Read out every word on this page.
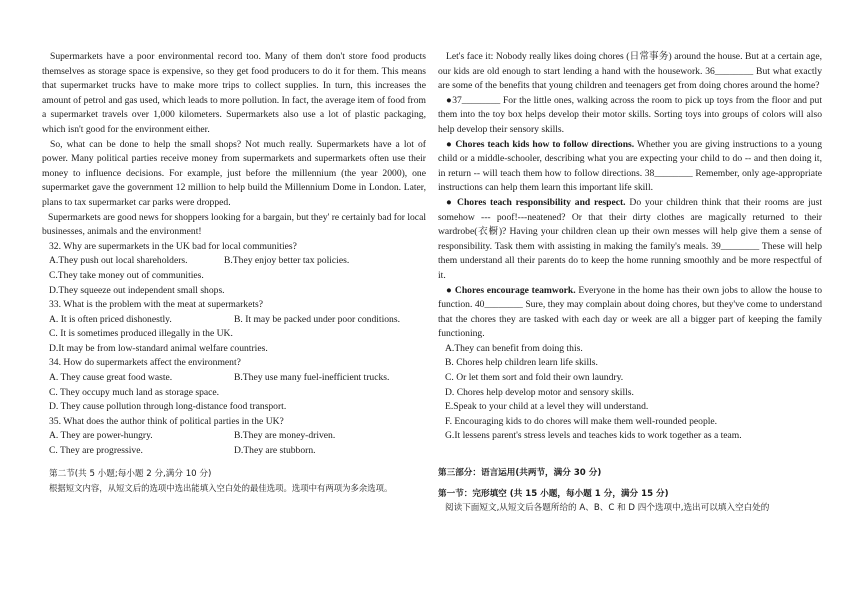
Supermarkets have a poor environmental record too. Many of them don't store food products themselves as storage space is expensive, so they get food producers to do it for them. This means that supermarket trucks have to make more trips to collect supplies. In turn, this increases the amount of petrol and gas used, which leads to more pollution. In fact, the average item of food from a supermarket travels over 1,000 kilometers. Supermarkets also use a lot of plastic packaging, which isn't good for the environment either.

So, what can be done to help the small shops? Not much really. Supermarkets have a lot of power. Many political parties receive money from supermarkets and supermarkets often use their money to influence decisions. For example, just before the millennium (the year 2000), one supermarket gave the government 12 million to help build the Millennium Dome in London. Later, plans to tax supermarket car parks were dropped.

Supermarkets are good news for shoppers looking for a bargain, but they' re certainly bad for local businesses, animals and the environment!

32. Why are supermarkets in the UK bad for local communities?

A.They push out local shareholders.	B.They enjoy better tax policies.

C.They take money out of communities.

D.They squeeze out independent small shops.

33. What is the problem with the meat at supermarkets?

A. It is often priced dishonestly.	B. It may be packed under poor conditions.

C. It is sometimes produced illegally in the UK.

D.It may be from low-standard animal welfare countries.

34. How do supermarkets affect the environment?

A. They cause great food waste.	B.They use many fuel-inefficient trucks.

C. They occupy much land as storage space.

D. They cause pollution through long-distance food transport.

35. What does the author think of political parties in the UK?

A. They are power-hungry.	B.They are money-driven.

C. They are progressive.	D.They are stubborn.

第二节(共 5 小题;每小题 2 分,满分 10 分)

根据短文内容，从短文后的选项中选出能填入空白处的最佳选项。选项中有两项为多余选项。

Let's face it: Nobody really likes doing chores (日常事务) around the house. But at a certain age, our kids are old enough to start lending a hand with the housework. 36________ But what exactly are some of the benefits that young children and teenagers get from doing chores around the home?

●37________ For the little ones, walking across the room to pick up toys from the floor and put them into the toy box helps develop their motor skills. Sorting toys into groups of colors will also help develop their sensory skills.

● Chores teach kids how to follow directions. Whether you are giving instructions to a young child or a middle-schooler, describing what you are expecting your child to do -- and then doing it, in return -- will teach them how to follow directions. 38________ Remember, only age-appropriate instructions can help them learn this important life skill.

● Chores teach responsibility and respect. Do your children think that their rooms are just somehow --- poof!---neatened? Or that their dirty clothes are magically returned to their wardrobe(衣橱)? Having your children clean up their own messes will help give them a sense of responsibility. Task them with assisting in making the family's meals. 39________ These will help them understand all their parents do to keep the home running smoothly and be more respectful of it.

● Chores encourage teamwork. Everyone in the home has their own jobs to allow the house to function. 40________ Sure, they may complain about doing chores, but they've come to understand that the chores they are tasked with each day or week are all a bigger part of keeping the family functioning.

A.They can benefit from doing this.

B. Chores help children learn life skills.

C. Or let them sort and fold their own laundry.

D. Chores help develop motor and sensory skills.

E.Speak to your child at a level they will understand.

F. Encouraging kids to do chores will make them well-rounded people.

G.It lessens parent's stress levels and teaches kids to work together as a team.

第三部分：语言运用(共两节，满分 30 分)

第一节：完形填空 (共 15 小题，每小题 1 分，满分 15 分)

阅读下面短文,从短文后各题所给的 A、B、C 和 D 四个选项中,选出可以填入空白处的
